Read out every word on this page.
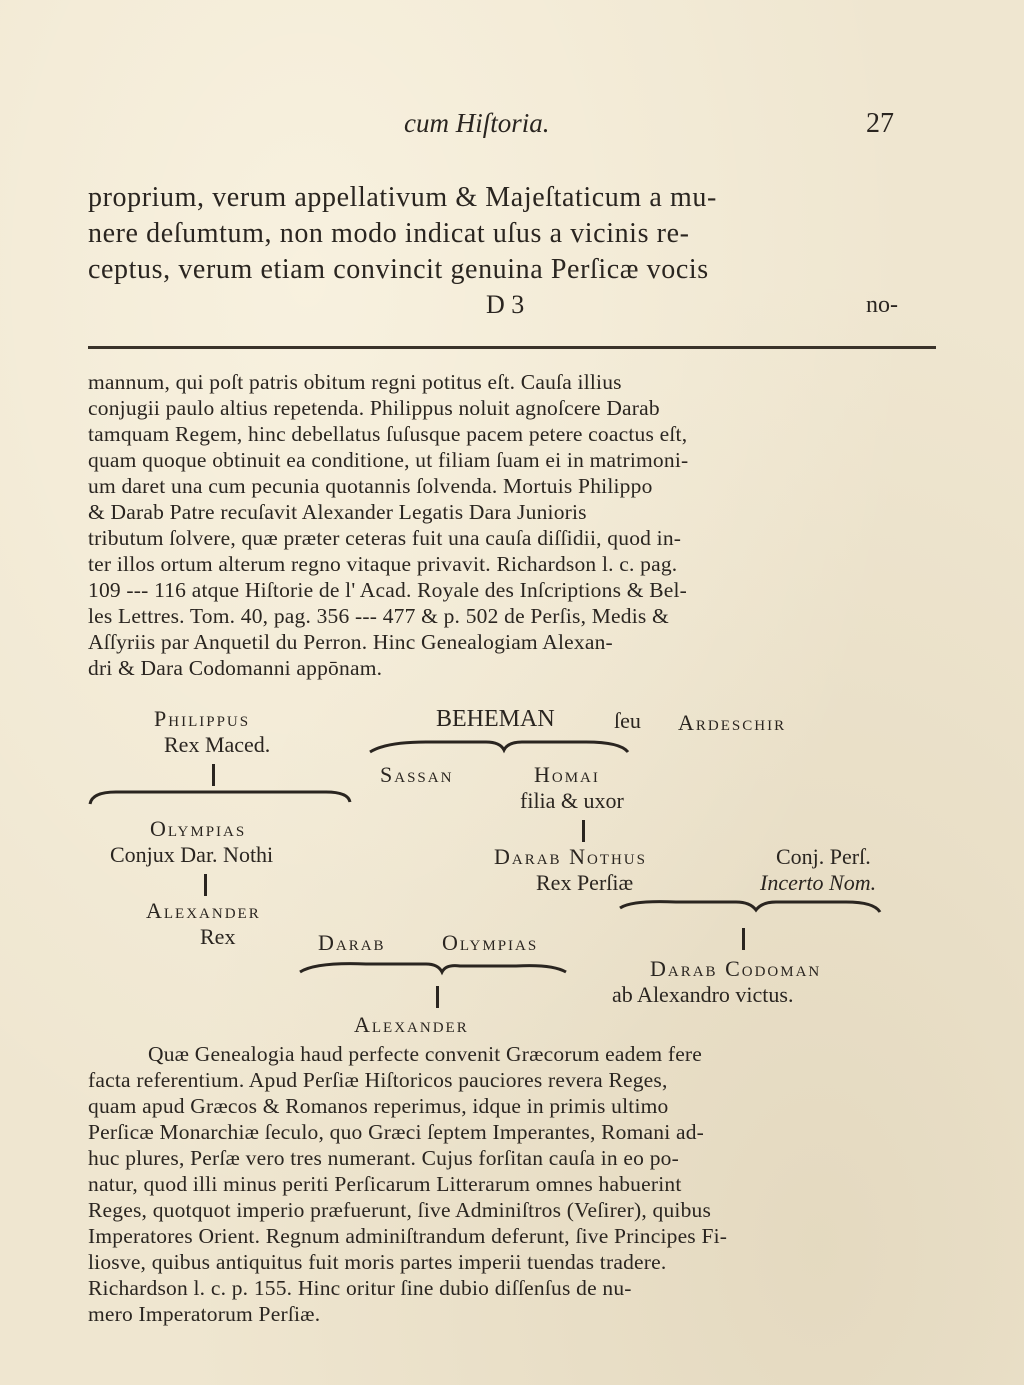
cum Hiſtoria.	27
proprium, verum appellativum & Majeſtaticum a mu-
nere deſumtum, non modo indicat uſus a vicinis re-
ceptus, verum etiam convincit genuina Perſicæ vocis
D 3	no-
mannum, qui poſt patris obitum regni potitus eſt. Cauſa illius
conjugii paulo altius repetenda. Philippus noluit agnoſcere Darab
tamquam Regem, hinc debellatus ſuſusque pacem petere coactus eſt,
quam quoque obtinuit ea conditione, ut filiam ſuam ei in matrimoni-
um daret una cum pecunia quotannis ſolvenda. Mortuis Philippo
& Darab Patre recuſavit Alexander Legatis Dara Junioris
tributum ſolvere, quæ præter ceteras fuit una cauſa diſſidii, quod in-
ter illos ortum alterum regno vitaque privavit. Richardson l. c. pag.
109 --- 116 atque Hiſtorie de l' Acad. Royale des Inſcriptions & Bel-
les Lettres. Tom. 40, pag. 356 --- 477 & p. 502 de Perſis, Medis &
Aſſyriis par Anquetil du Perron. Hinc Genealogiam Alexan-
dri & Dara Codomanni appōnam.
Philippus
Rex Maced.
Olympias
Conjux Dar. Nothi
Alexander
Rex
BEHEMAN	ſeu Ardeschir
Sassan	Homai
filia & uxor
Darab Nothus
Rex Perſiæ
Conj. Perſ.
Incerto Nom.
Darab	Olympias
Alexander
Darab Codoman
ab Alexandro victus.
Quæ Genealogia haud perfecte convenit Græcorum eadem fere
facta referentium. Apud Perſiæ Hiſtoricos pauciores revera Reges,
quam apud Græcos & Romanos reperimus, idque in primis ultimo
Perſicæ Monarchiæ ſeculo, quo Græci ſeptem Imperantes, Romani ad-
huc plures, Perſæ vero tres numerant. Cujus forſitan cauſa in eo po-
natur, quod illi minus periti Perſicarum Litterarum omnes habuerint
Reges, quotquot imperio præfuerunt, ſive Adminiſtros (Veſirer), quibus
Imperatores Orient. Regnum adminiſtrandum deferunt, ſive Principes Fi-
liosve, quibus antiquitus fuit moris partes imperii tuendas tradere.
Richardson l. c. p. 155. Hinc oritur ſine dubio diſſenſus de nu-
mero Imperatorum Perſiæ.
